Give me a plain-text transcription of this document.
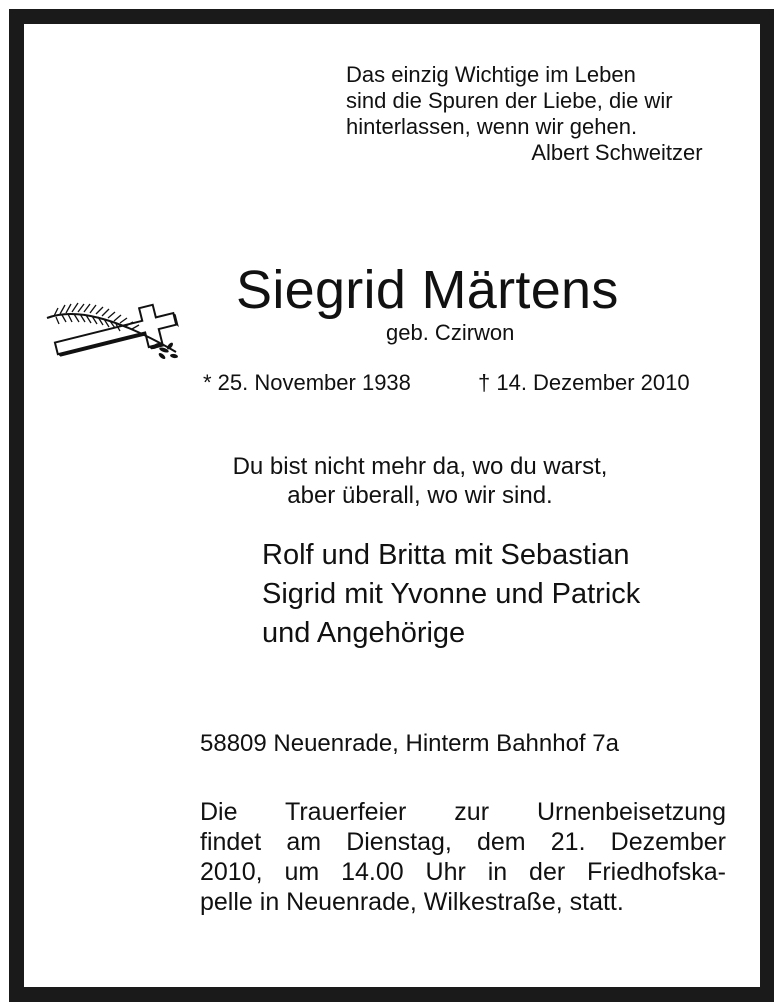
Das einzig Wichtige im Leben
sind die Spuren der Liebe, die wir
hinterlassen, wenn wir gehen.
Albert Schweitzer
Siegrid Märtens
geb. Czirwon
* 25. November 1938	† 14. Dezember 2010
Du bist nicht mehr da, wo du warst,
aber überall, wo wir sind.
Rolf und Britta mit Sebastian
Sigrid mit Yvonne und Patrick
und Angehörige
58809 Neuenrade, Hinterm Bahnhof 7a
Die Trauerfeier zur Urnenbeisetzung
findet am Dienstag, dem 21. Dezember
2010, um 14.00 Uhr in der Friedhofska-
pelle in Neuenrade, Wilkestraße, statt.
